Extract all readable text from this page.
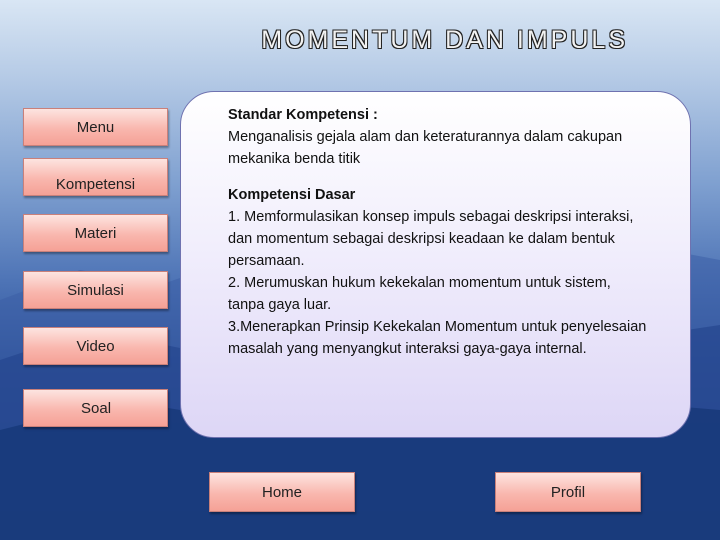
MOMENTUM DAN IMPULS
Menu
Kompetensi
Materi
Simulasi
Video
Soal

Standar Kompetensi :

Menganalisis gejala alam dan keteraturannya dalam cakupan mekanika benda titik

Kompetensi Dasar

1. Memformulasikan konsep impuls sebagai deskripsi interaksi, dan momentum sebagai deskripsi keadaan ke dalam bentuk persamaan.

2. Merumuskan hukum kekekalan momentum untuk sistem, tanpa gaya luar.

3.Menerapkan Prinsip Kekekalan Momentum untuk penyelesaian masalah yang menyangkut interaksi gaya-gaya internal.

Home	Profil
